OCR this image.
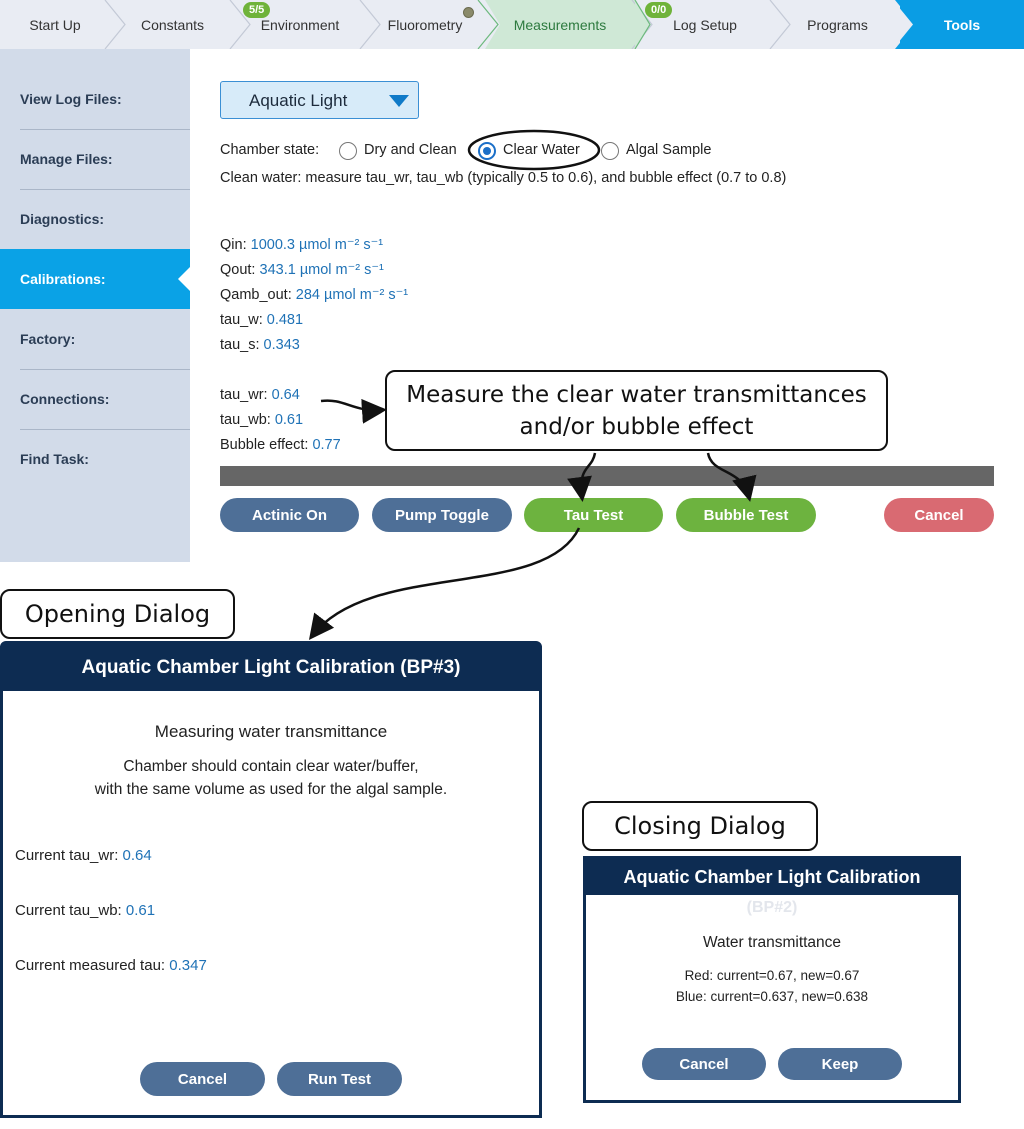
Start Up	Constants	Environment	Fluorometry	Measurements	Log Setup	Programs	Tools
5/5	0/0
View Log Files:
Manage Files:
Diagnostics:
Calibrations:
Factory:
Connections:
Find Task:
Aquatic Light
Chamber state:	Dry and Clean	Clear Water	Algal Sample
Clean water: measure tau_wr, tau_wb (typically 0.5 to 0.6), and bubble effect (0.7 to 0.8)
Qin: 1000.3 µmol m⁻² s⁻¹
Qout: 343.1 µmol m⁻² s⁻¹
Qamb_out: 284 µmol m⁻² s⁻¹
tau_w: 0.481
tau_s: 0.343
tau_wr: 0.64
tau_wb: 0.61
Bubble effect: 0.77
Actinic On	Pump Toggle	Tau Test	Bubble Test	Cancel
Measure the clear water transmittances
and/or bubble effect
Opening Dialog
Closing Dialog
Aquatic Chamber Light Calibration (BP#3)
Measuring water transmittance
Chamber should contain clear water/buffer,
with the same volume as used for the algal sample.
Current tau_wr: 0.64
Current tau_wb: 0.61
Current measured tau: 0.347
Cancel	Run Test
Aquatic Chamber Light Calibration
(BP#2)
Water transmittance
Red: current=0.67, new=0.67
Blue: current=0.637, new=0.638
Cancel	Keep
